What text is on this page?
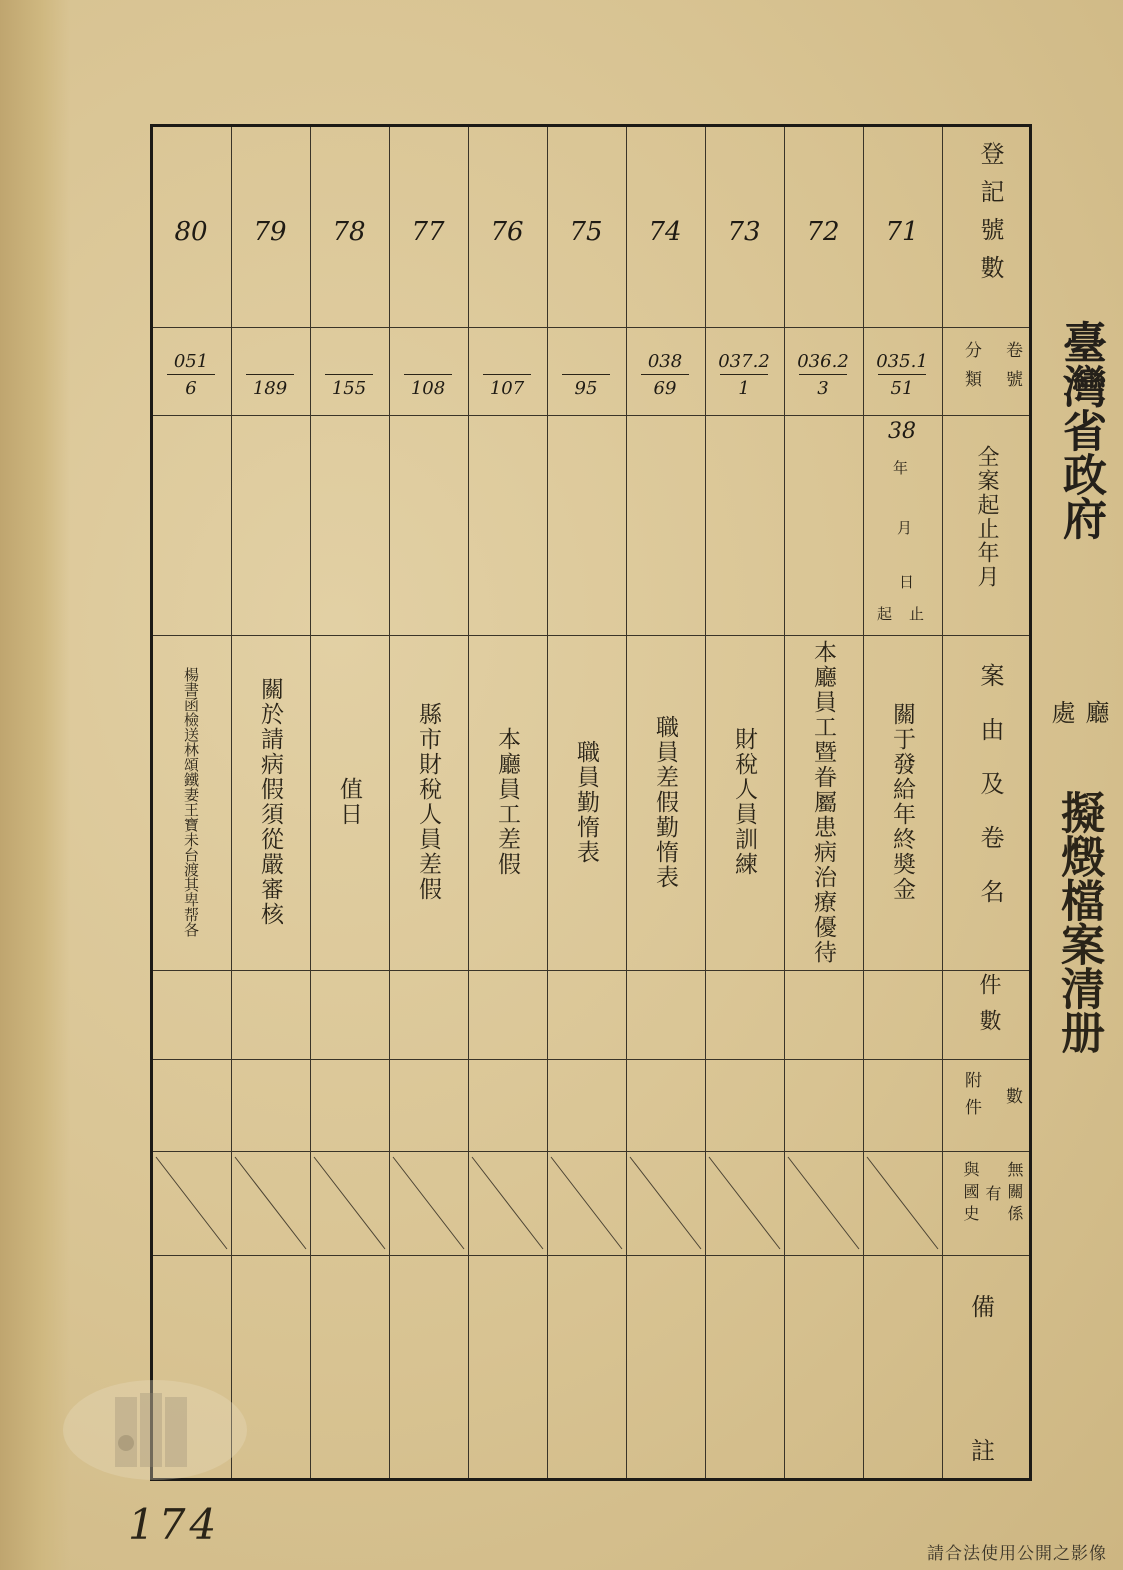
臺灣省政府
處 廳
擬燬檔案清册
登記號數
卷號
分類
全案起止年月
案由及卷名
件數
數
附件
無關係
有
與國史
備
註
年
月
日
起 止
71
035.1
51
38
關于發給年終奬金
72
036.2
3
本廳員工暨眷屬患病治療優待
73
037.2
1
財稅人員訓練
74
038
69
職員差假勤惰表
75
95
職員勤惰表
76
107
本廳員工差假
77
108
縣市財稅人員差假
78
155
值日
79
189
關於請病假須從嚴審核
80
051
6
楊書函檢送林頌鐵妻王寶未台渡其卑帮各
174
請合法使用公開之影像
